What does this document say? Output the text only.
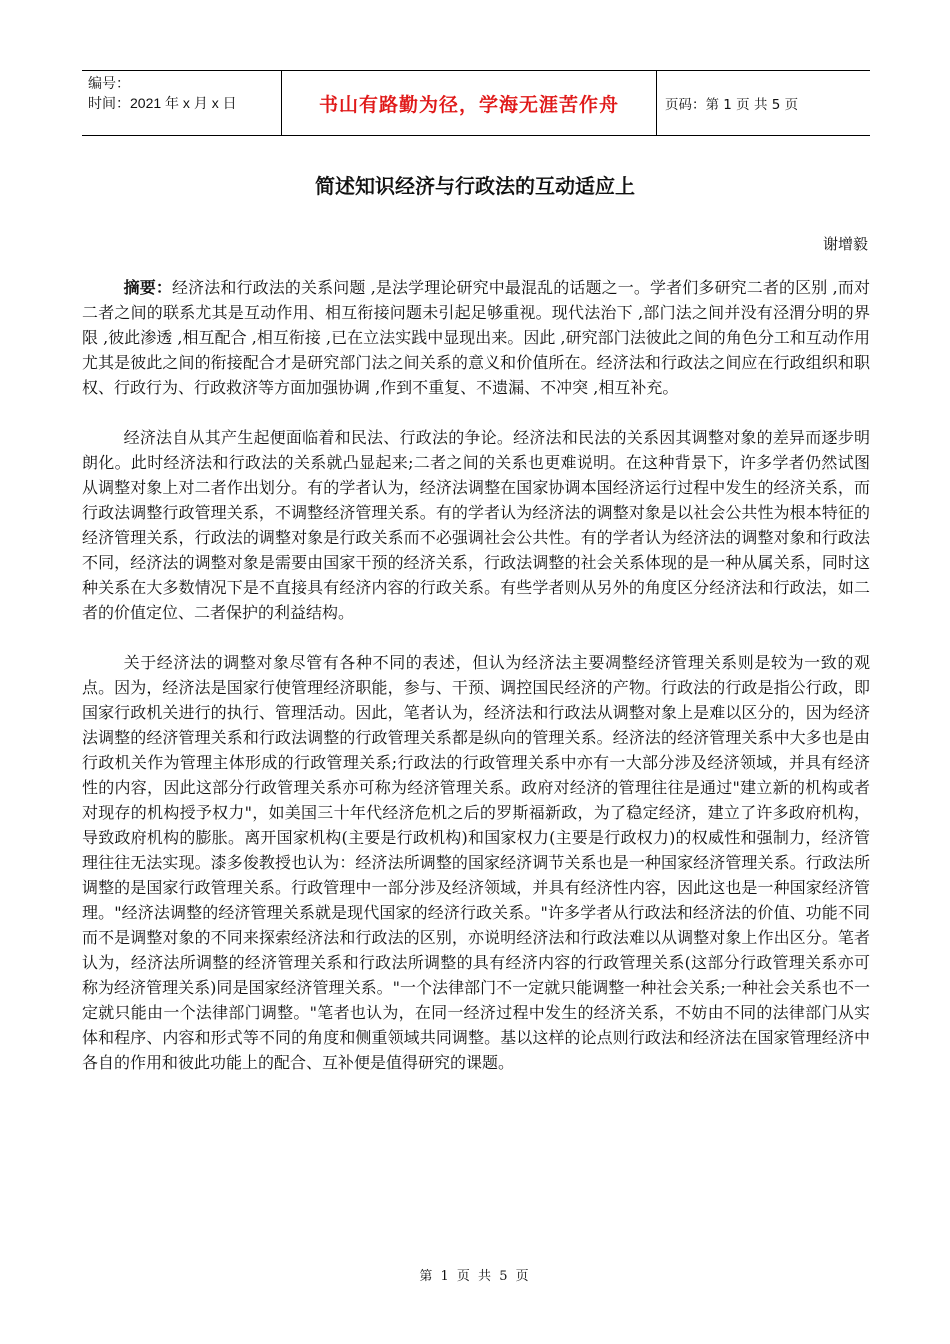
编号：
时间：2021 年 x 月 x 日	书山有路勤为径，学海无涯苦作舟	页码：第 1 页 共 5 页
简述知识经济与行政法的互动适应上
谢增毅

摘要：经济法和行政法的关系问题 ,是法学理论研究中最混乱的话题之一。学者们多研究二者的区别 ,而对二者之间的联系尤其是互动作用、相互衔接问题未引起足够重视。现代法治下 ,部门法之间并没有泾渭分明的界限 ,彼此渗透 ,相互配合 ,相互衔接 ,已在立法实践中显现出来。因此 ,研究部门法彼此之间的角色分工和互动作用尤其是彼此之间的衔接配合才是研究部门法之间关系的意义和价值所在。经济法和行政法之间应在行政组织和职权、行政行为、行政救济等方面加强协调 ,作到不重复、不遗漏、不冲突 ,相互补充。

经济法自从其产生起便面临着和民法、行政法的争论。经济法和民法的关系因其调整对象的差异而逐步明朗化。此时经济法和行政法的关系就凸显起来;二者之间的关系也更难说明。在这种背景下，许多学者仍然试图从调整对象上对二者作出划分。有的学者认为，经济法调整在国家协调本国经济运行过程中发生的经济关系，而行政法调整行政管理关系，不调整经济管理关系。有的学者认为经济法的调整对象是以社会公共性为根本特征的经济管理关系，行政法的调整对象是行政关系而不必强调社会公共性。有的学者认为经济法的调整对象和行政法不同，经济法的调整对象是需要由国家干预的经济关系，行政法调整的社会关系体现的是一种从属关系，同时这种关系在大多数情况下是不直接具有经济内容的行政关系。有些学者则从另外的角度区分经济法和行政法，如二者的价值定位、二者保护的利益结构。

关于经济法的调整对象尽管有各种不同的表述，但认为经济法主要凋整经济管理关系则是较为一致的观点。因为，经济法是国家行使管理经济职能，参与、干预、调控国民经济的产物。行政法的行政是指公行政，即国家行政机关进行的执行、管理活动。因此，笔者认为，经济法和行政法从调整对象上是难以区分的，因为经济法调整的经济管理关系和行政法调整的行政管理关系都是纵向的管理关系。经济法的经济管理关系中大多也是由行政机关作为管理主体形成的行政管理关系;行政法的行政管理关系中亦有一大部分涉及经济领域，并具有经济性的内容，因此这部分行政管理关系亦可称为经济管理关系。政府对经济的管理往往是通过"建立新的机构或者对现存的机构授予权力"，如美国三十年代经济危机之后的罗斯福新政，为了稳定经济，建立了许多政府机构，导致政府机构的膨胀。离开国家机构(主要是行政机构)和国家权力(主要是行政权力)的权威性和强制力，经济管理往往无法实现。漆多俊教授也认为：经济法所调整的国家经济调节关系也是一种国家经济管理关系。行政法所调整的是国家行政管理关系。行政管理中一部分涉及经济领域，并具有经济性内容，因此这也是一种国家经济管理。"经济法调整的经济管理关系就是现代国家的经济行政关系。"许多学者从行政法和经济法的价值、功能不同而不是调整对象的不同来探索经济法和行政法的区别，亦说明经济法和行政法难以从调整对象上作出区分。笔者认为，经济法所调整的经济管理关系和行政法所调整的具有经济内容的行政管理关系(这部分行政管理关系亦可称为经济管理关系)同是国家经济管理关系。"一个法律部门不一定就只能调整一种社会关系;一种社会关系也不一定就只能由一个法律部门调整。"笔者也认为，在同一经济过程中发生的经济关系，不妨由不同的法律部门从实体和程序、内容和形式等不同的角度和侧重领域共同调整。基以这样的论点则行政法和经济法在国家管理经济中各自的作用和彼此功能上的配合、互补便是值得研究的课题。

第 1 页 共 5 页
